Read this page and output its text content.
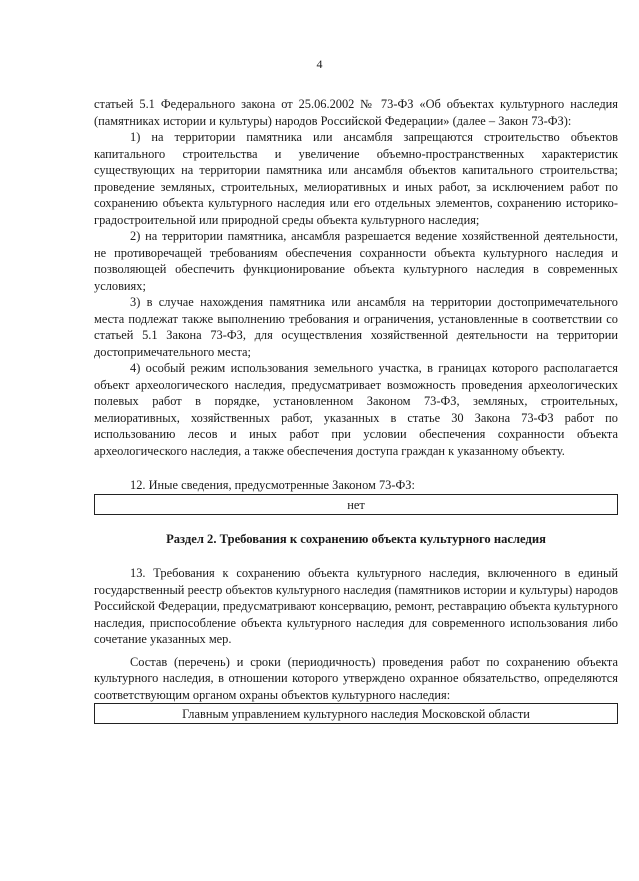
4

статьей 5.1 Федерального закона от 25.06.2002 № 73-ФЗ «Об объектах культурного наследия (памятниках истории и культуры) народов Российской Федерации» (далее – Закон 73-ФЗ):

1) на территории памятника или ансамбля запрещаются строительство объектов капитального строительства и увеличение объемно-пространственных характеристик существующих на территории памятника или ансамбля объектов капитального строительства; проведение земляных, строительных, мелиоративных и иных работ, за исключением работ по сохранению объекта культурного наследия или его отдельных элементов, сохранению историко-градостроительной или природной среды объекта культурного наследия;

2) на территории памятника, ансамбля разрешается ведение хозяйственной деятельности, не противоречащей требованиям обеспечения сохранности объекта культурного наследия и позволяющей обеспечить функционирование объекта культурного наследия в современных условиях;

3) в случае нахождения памятника или ансамбля на территории достопримечательного места подлежат также выполнению требования и ограничения, установленные в соответствии со статьей 5.1 Закона 73-ФЗ, для осуществления хозяйственной деятельности на территории достопримечательного места;

4) особый режим использования земельного участка, в границах которого располагается объект археологического наследия, предусматривает возможность проведения археологических полевых работ в порядке, установленном Законом 73-ФЗ, земляных, строительных, мелиоративных, хозяйственных работ, указанных в статье 30 Закона 73-ФЗ работ по использованию лесов и иных работ при условии обеспечения сохранности объекта археологического наследия, а также обеспечения доступа граждан к указанному объекту.

12. Иные сведения, предусмотренные Законом 73-ФЗ:

нет
Раздел 2. Требования к сохранению объекта культурного наследия

13. Требования к сохранению объекта культурного наследия, включенного в единый государственный реестр объектов культурного наследия (памятников истории и культуры) народов Российской Федерации, предусматривают консервацию, ремонт, реставрацию объекта культурного наследия, приспособление объекта культурного наследия для современного использования либо сочетание указанных мер.

Состав (перечень) и сроки (периодичность) проведения работ по сохранению объекта культурного наследия, в отношении которого утверждено охранное обязательство, определяются соответствующим органом охраны объектов культурного наследия:

Главным управлением культурного наследия Московской области
